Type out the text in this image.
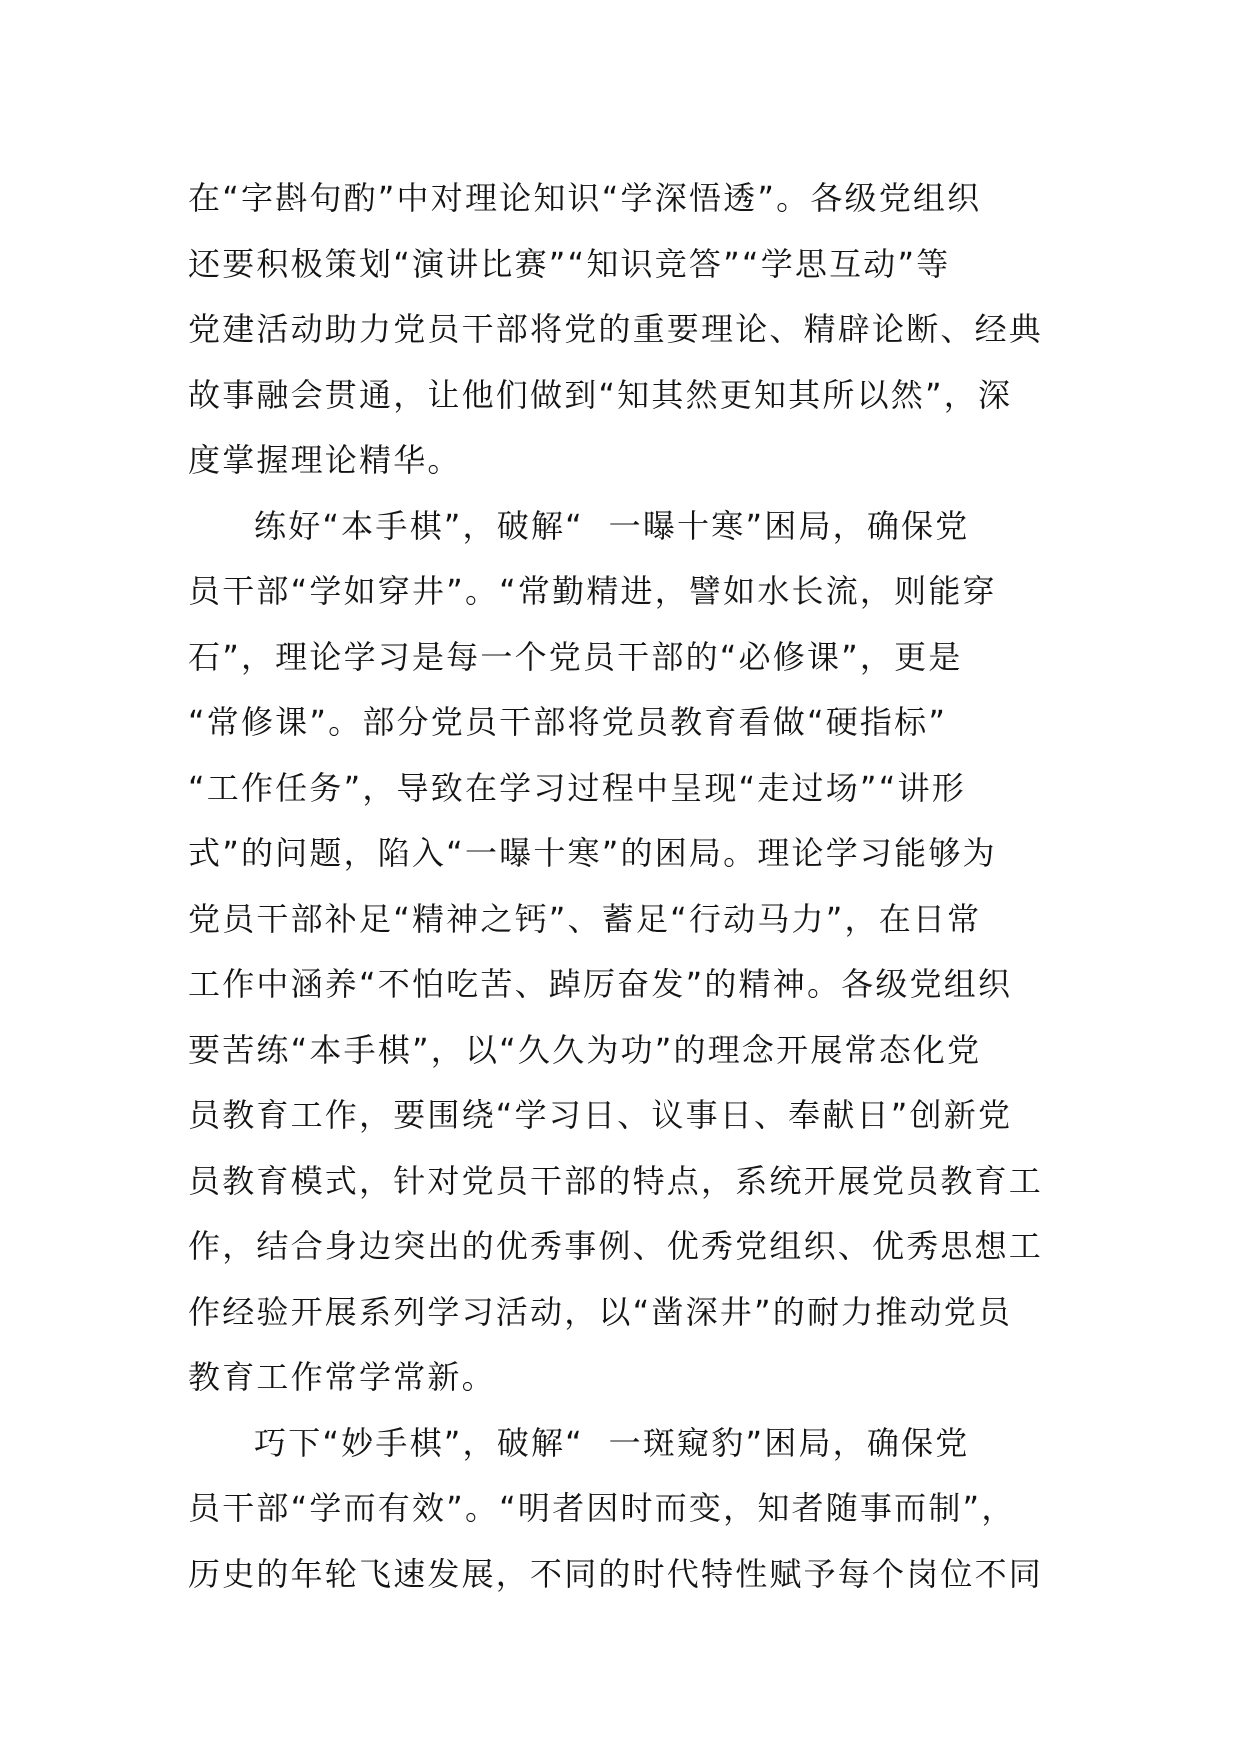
在“字斟句酌”中对理论知识“学深悟透”。各级党组织
还要积极策划“演讲比赛”“知识竞答”“学思互动”等
党建活动助力党员干部将党的重要理论、精辟论断、经典
故事融会贯通，让他们做到“知其然更知其所以然”，深
度掌握理论精华。
练好“本手棋”，破解“  一曝十寒”困局，确保党
员干部“学如穿井”。“常勤精进，譬如水长流，则能穿
石”，理论学习是每一个党员干部的“必修课”，更是
“常修课”。部分党员干部将党员教育看做“硬指标”
“工作任务”，导致在学习过程中呈现“走过场”“讲形
式”的问题，陷入“一曝十寒”的困局。理论学习能够为
党员干部补足“精神之钙”、蓄足“行动马力”，在日常
工作中涵养“不怕吃苦、踔厉奋发”的精神。各级党组织
要苦练“本手棋”，以“久久为功”的理念开展常态化党
员教育工作，要围绕“学习日、议事日、奉献日”创新党
员教育模式，针对党员干部的特点，系统开展党员教育工
作，结合身边突出的优秀事例、优秀党组织、优秀思想工
作经验开展系列学习活动，以“凿深井”的耐力推动党员
教育工作常学常新。
巧下“妙手棋”，破解“  一斑窥豹”困局，确保党
员干部“学而有效”。“明者因时而变，知者随事而制”，
历史的年轮飞速发展，不同的时代特性赋予每个岗位不同
